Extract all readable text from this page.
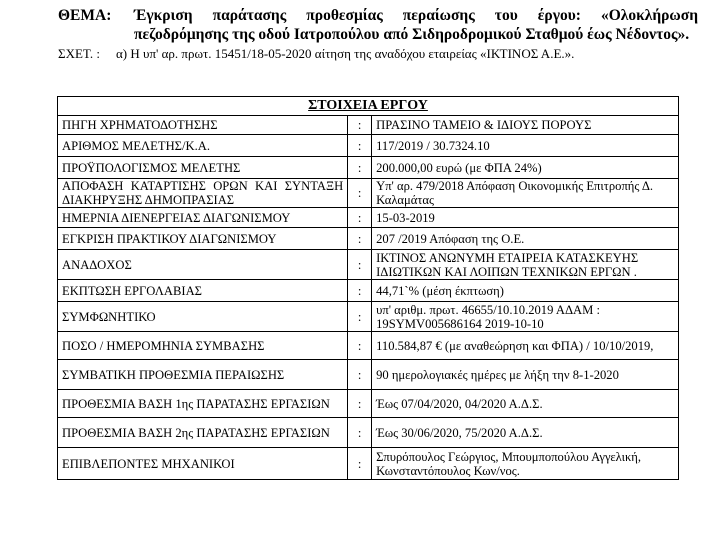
ΘΕΜΑ:	Έγκριση παράτασης προθεσμίας περαίωσης του έργου: «Ολοκλήρωση πεζοδρόμησης της οδού Ιατροπούλου από Σιδηροδρομικού Σταθμού έως Νέδοντος».
ΣΧΕΤ. :	α) Η υπ' αρ. πρωτ. 15451/18-05-2020 αίτηση της αναδόχου εταιρείας «ΙΚΤΙΝΟΣ Α.Ε.».
ΣΤΟΙΧΕΙΑ ΕΡΓΟΥ		
ΠΗΓΗ ΧΡΗΜΑΤΟΔΟΤΗΣΗΣ	:	ΠΡΑΣΙΝΟ ΤΑΜΕΙΟ & ΙΔΙΟΥΣ ΠΟΡΟΥΣ
ΑΡΙΘΜΟΣ ΜΕΛΕΤΗΣ/Κ.Α.	:	117/2019 / 30.7324.10
ΠΡΟΫΠΟΛΟΓΙΣΜΟΣ ΜΕΛΕΤΗΣ	:	200.000,00 ευρώ (με ΦΠΑ 24%)
ΑΠΟΦΑΣΗ ΚΑΤΑΡΤΙΣΗΣ ΟΡΩΝ ΚΑΙ ΣΥΝΤΑΞΗ ΔΙΑΚΗΡΥΞΗΣ ΔΗΜΟΠΡΑΣΙΑΣ	:	Υπ' αρ. 479/2018 Απόφαση Οικονομικής Επιτροπής Δ. Καλαμάτας
ΗΜΕΡΝΙΑ ΔΙΕΝΕΡΓΕΙΑΣ ΔΙΑΓΩΝΙΣΜΟΥ	:	15-03-2019
ΕΓΚΡΙΣΗ ΠΡΑΚΤΙΚΟΥ ΔΙΑΓΩΝΙΣΜΟΥ	:	207 /2019 Απόφαση της Ο.Ε.
ΑΝΑΔΟΧΟΣ	:	ΙΚΤΙΝΟΣ ΑΝΩΝΥΜΗ ΕΤΑΙΡΕΙΑ ΚΑΤΑΣΚΕΥΗΣ ΙΔΙΩΤΙΚΩΝ ΚΑΙ ΛΟΙΠΩΝ ΤΕΧΝΙΚΩΝ ΕΡΓΩΝ .
ΕΚΠΤΩΣΗ ΕΡΓΟΛΑΒΙΑΣ	:	44,71`% (μέση έκπτωση)
ΣΥΜΦΩΝΗΤΙΚΟ	:	υπ' αριθμ. πρωτ. 46655/10.10.2019 ΑΔΑΜ : 19SYMV005686164 2019-10-10
ΠΟΣΟ / ΗΜΕΡΟΜΗΝΙΑ ΣΥΜΒΑΣΗΣ	:	110.584,87 € (με αναθεώρηση και ΦΠΑ) / 10/10/2019,
ΣΥΜΒΑΤΙΚΗ ΠΡΟΘΕΣΜΙΑ ΠΕΡΑΙΩΣΗΣ	:	90 ημερολογιακές ημέρες με λήξη την 8-1-2020
ΠΡΟΘΕΣΜΙΑ ΒΑΣΗ 1ης ΠΑΡΑΤΑΣΗΣ ΕΡΓΑΣΙΩΝ	:	Έως 07/04/2020, 04/2020 Α.Δ.Σ.
ΠΡΟΘΕΣΜΙΑ ΒΑΣΗ 2ης ΠΑΡΑΤΑΣΗΣ ΕΡΓΑΣΙΩΝ	:	Έως 30/06/2020, 75/2020 Α.Δ.Σ.
ΕΠΙΒΛΕΠΟΝΤΕΣ ΜΗΧΑΝΙΚΟΙ	:	Σπυρόπουλος Γεώργιος, Μπουμποπούλου Αγγελική, Κωνσταντόπουλος Κων/νος.
